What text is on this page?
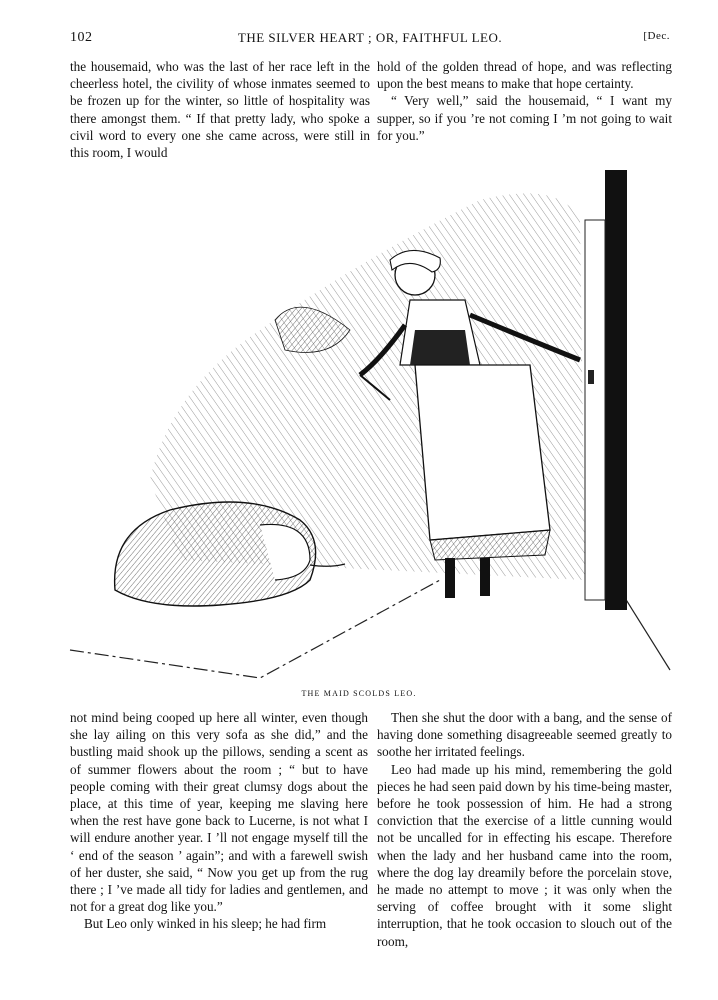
102	THE SILVER HEART ; OR, FAITHFUL LEO.	[Dec.

the housemaid, who was the last of her race left in the cheerless hotel, the civility of whose inmates seemed to be frozen up for the winter, so little of hospitality was there amongst them. “ If that pretty lady, who spoke a civil word to every one she came across, were still in this room, I would

hold of the golden thread of hope, and was reflecting upon the best means to make that hope certainty.

“ Very well,” said the housemaid, “ I want my supper, so if you ’re not coming I ’m not going to wait for you.”

THE MAID SCOLDS LEO.

not mind being cooped up here all winter, even though she lay ailing on this very sofa as she did,” and the bustling maid shook up the pillows, sending a scent as of summer flowers about the room ; “ but to have people coming with their great clumsy dogs about the place, at this time of year, keeping me slaving here when the rest have gone back to Lucerne, is not what I will endure another year. I ’ll not engage myself till the ‘ end of the season ’ again”; and with a farewell swish of her duster, she said, “ Now you get up from the rug there ; I ’ve made all tidy for ladies and gentlemen, and not for a great dog like you.”

But Leo only winked in his sleep; he had firm

Then she shut the door with a bang, and the sense of having done something disagreeable seemed greatly to soothe her irritated feelings.

Leo had made up his mind, remembering the gold pieces he had seen paid down by his time-being master, before he took possession of him. He had a strong conviction that the exercise of a little cunning would not be uncalled for in effecting his escape. Therefore when the lady and her husband came into the room, where the dog lay dreamily before the porcelain stove, he made no attempt to move ; it was only when the serving of coffee brought with it some slight interruption, that he took occasion to slouch out of the room,
